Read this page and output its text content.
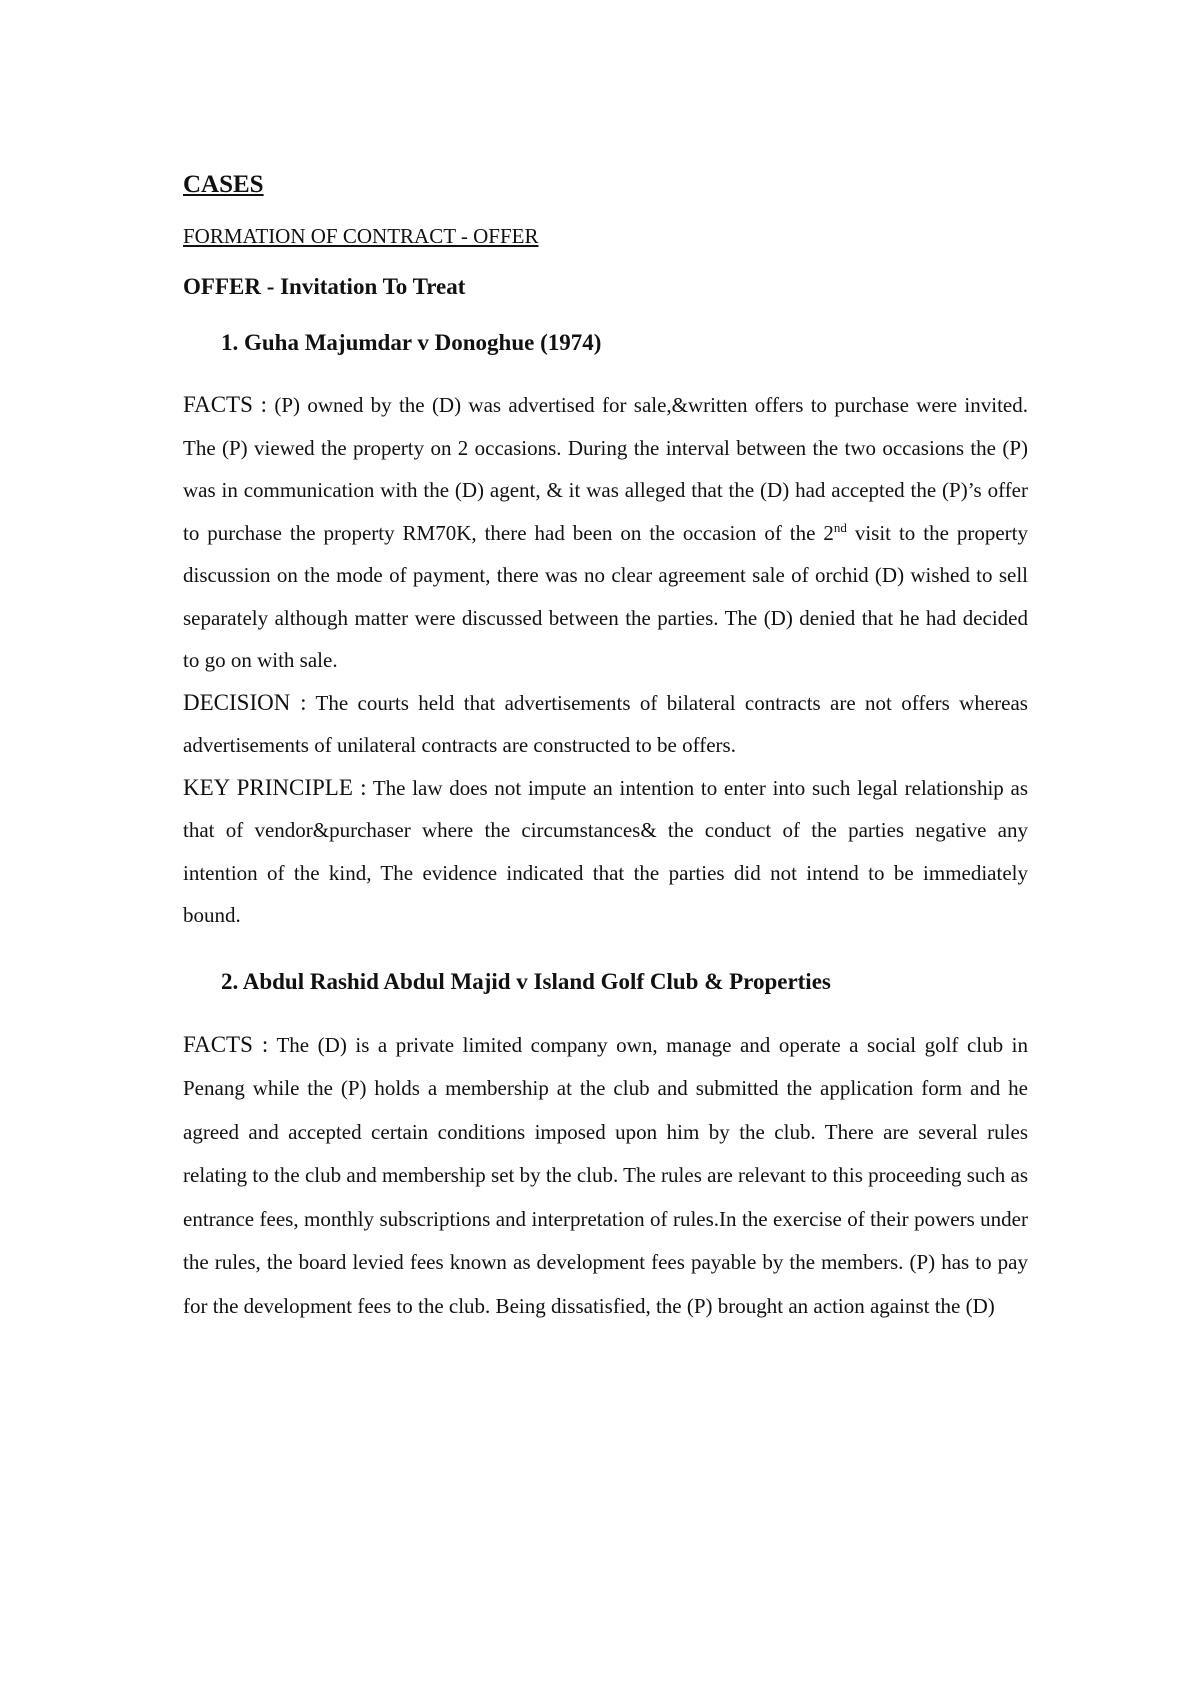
CASES
FORMATION OF CONTRACT - OFFER
OFFER - Invitation To Treat
1. Guha Majumdar v Donoghue (1974)

FACTS : (P) owned by the (D) was advertised for sale,&written offers to purchase were invited. The (P) viewed the property on 2 occasions. During the interval between the two occasions the (P) was in communication with the (D) agent, & it was alleged that the (D) had accepted the (P)’s offer to purchase the property RM70K, there had been on the occasion of the 2nd visit to the property discussion on the mode of payment, there was no clear agreement sale of orchid (D) wished to sell separately although matter were discussed between the parties. The (D) denied that he had decided to go on with sale.

DECISION : The courts held that advertisements of bilateral contracts are not offers whereas advertisements of unilateral contracts are constructed to be offers.

KEY PRINCIPLE : The law does not impute an intention to enter into such legal relationship as that of vendor&purchaser where the circumstances& the conduct of the parties negative any intention of the kind, The evidence indicated that the parties did not intend to be immediately bound.

2. Abdul Rashid Abdul Majid v Island Golf Club & Properties

FACTS : The (D) is a private limited company own, manage and operate a social golf club in Penang while the (P) holds a membership at the club and submitted the application form and he agreed and accepted certain conditions imposed upon him by the club. There are several rules relating to the club and membership set by the club. The rules are relevant to this proceeding such as entrance fees, monthly subscriptions and interpretation of rules.In the exercise of their powers under the rules, the board levied fees known as development fees payable by the members. (P) has to pay for the development fees to the club. Being dissatisfied, the (P) brought an action against the (D)
